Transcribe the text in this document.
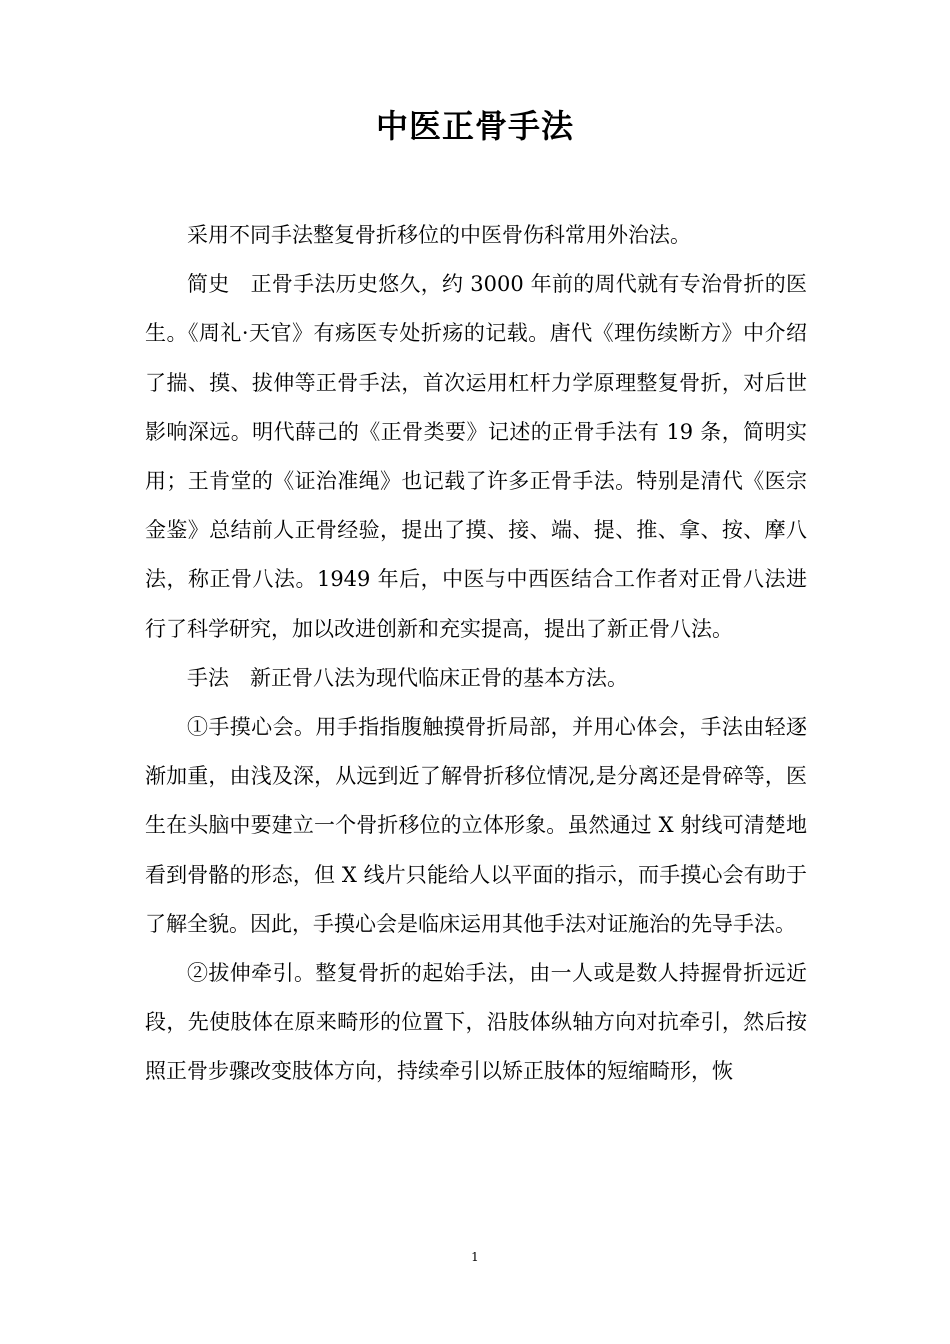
中医正骨手法

采用不同手法整复骨折移位的中医骨伤科常用外治法。

简史 正骨手法历史悠久，约 3000 年前的周代就有专治骨折的医生。《周礼·天官》有疡医专处折疡的记载。唐代《理伤续断方》中介绍了揣、摸、拔伸等正骨手法，首次运用杠杆力学原理整复骨折，对后世影响深远。明代薛己的《正骨类要》记述的正骨手法有 19 条，简明实用；王肯堂的《证治准绳》也记载了许多正骨手法。特别是清代《医宗金鉴》总结前人正骨经验，提出了摸、接、端、提、推、拿、按、摩八法，称正骨八法。1949 年后，中医与中西医结合工作者对正骨八法进行了科学研究，加以改进创新和充实提高，提出了新正骨八法。

手法 新正骨八法为现代临床正骨的基本方法。

①手摸心会。用手指指腹触摸骨折局部，并用心体会，手法由轻逐渐加重，由浅及深，从远到近了解骨折移位情况,是分离还是骨碎等，医生在头脑中要建立一个骨折移位的立体形象。虽然通过 X 射线可清楚地看到骨骼的形态，但 X 线片只能给人以平面的指示，而手摸心会有助于了解全貌。因此，手摸心会是临床运用其他手法对证施治的先导手法。

②拔伸牵引。整复骨折的起始手法，由一人或是数人持握骨折远近段，先使肢体在原来畸形的位置下，沿肢体纵轴方向对抗牵引，然后按照正骨步骤改变肢体方向，持续牵引以矫正肢体的短缩畸形，恢

1
